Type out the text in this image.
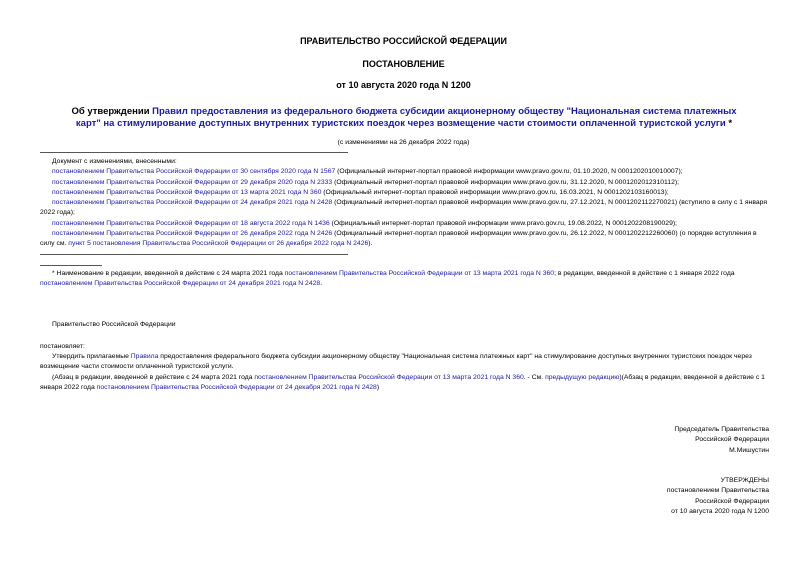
ПРАВИТЕЛЬСТВО РОССИЙСКОЙ ФЕДЕРАЦИИ
ПОСТАНОВЛЕНИЕ
от 10 августа 2020 года N 1200
Об утверждении Правил предоставления из федерального бюджета субсидии акционерному обществу "Национальная система платежных карт" на стимулирование доступных внутренних туристских поездок через возмещение части стоимости оплаченной туристской услуги *
(с изменениями на 26 декабря 2022 года)
Документ с изменениями, внесенными:
постановлением Правительства Российской Федерации от 30 сентября 2020 года N 1567 (Официальный интернет-портал правовой информации www.pravo.gov.ru, 01.10.2020, N 0001202010010007);
постановлением Правительства Российской Федерации от 29 декабря 2020 года N 2333 (Официальный интернет-портал правовой информации www.pravo.gov.ru, 31.12.2020, N 0001202012310112);
постановлением Правительства Российской Федерации от 13 марта 2021 года N 360 (Официальный интернет-портал правовой информации www.pravo.gov.ru, 16.03.2021, N 0001202103160013);
постановлением Правительства Российской Федерации от 24 декабря 2021 года N 2428 (Официальный интернет-портал правовой информации www.pravo.gov.ru, 27.12.2021, N 0001202112270021) (вступило в силу с 1 января 2022 года);
постановлением Правительства Российской Федерации от 18 августа 2022 года N 1436 (Официальный интернет-портал правовой информации www.pravo.gov.ru, 19.08.2022, N 0001202208190029);
постановлением Правительства Российской Федерации от 26 декабря 2022 года N 2426 (Официальный интернет-портал правовой информации www.pravo.gov.ru, 26.12.2022, N 0001202212260060) (о порядке вступления в силу см. пункт 5 постановления Правительства Российской Федерации от 26 декабря 2022 года N 2426).
* Наименование в редакции, введенной в действие с 24 марта 2021 года постановлением Правительства Российской Федерации от 13 марта 2021 года N 360; в редакции, введенной в действие с 1 января 2022 года постановлением Правительства Российской Федерации от 24 декабря 2021 года N 2428.
Правительство Российской Федерации
постановляет:
Утвердить прилагаемые Правила предоставления федерального бюджета субсидии акционерному обществу "Национальная система платежных карт" на стимулирование доступных внутренних туристских поездок через возмещение части стоимости оплаченной туристской услуги.
(Абзац в редакции, введенной в действие с 24 марта 2021 года постановлением Правительства Российской Федерации от 13 марта 2021 года N 360. - См. предыдущую редакцию)(Абзац в редакции, введенной в действие с 1 января 2022 года постановлением Правительства Российской Федерации от 24 декабря 2021 года N 2428)
Председатель Правительства
Российской Федерации
М.Мишустин
УТВЕРЖДЕНЫ
постановлением Правительства
Российской Федерации
от 10 августа 2020 года N 1200
